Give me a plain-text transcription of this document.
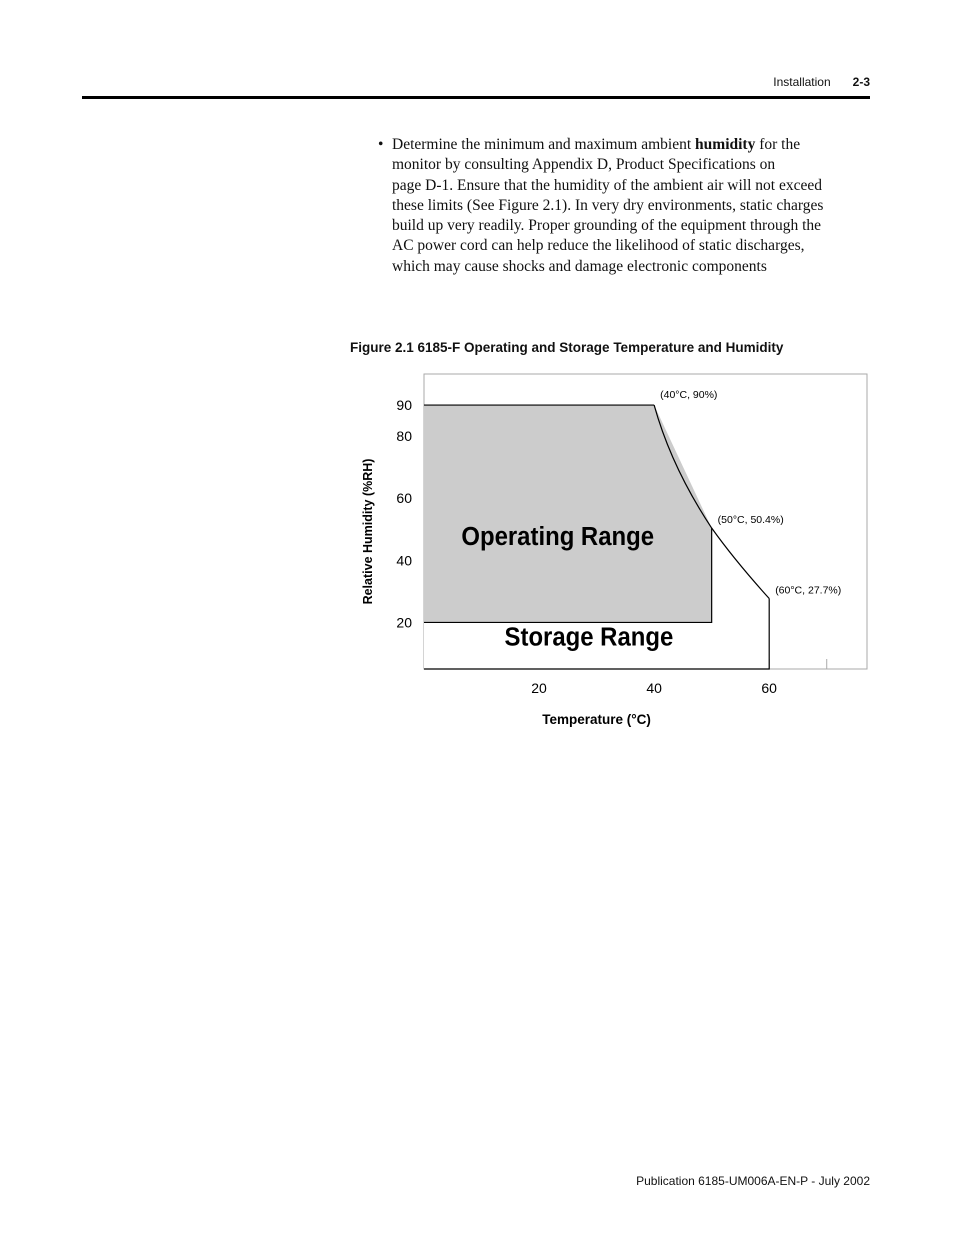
Installation 2-3
• Determine the minimum and maximum ambient humidity for the
monitor by consulting Appendix D, Product Specifications on
page D-1. Ensure that the humidity of the ambient air will not exceed
these limits (See Figure 2.1). In very dry environments, static charges
build up very readily. Proper grounding of the equipment through the
AC power cord can help reduce the likelihood of static discharges,
which may cause shocks and damage electronic components
Figure 2.1 6185-F Operating and Storage Temperature and Humidity
Operating Range
Storage Range
(40°C, 90%)
(50°C, 50.4%)
(60°C, 27.7%)
20
40
60
80
90
20	40	60
Temperature (°C)
Relative Humidity (%RH)
Publication 6185-UM006A-EN-P - July 2002
